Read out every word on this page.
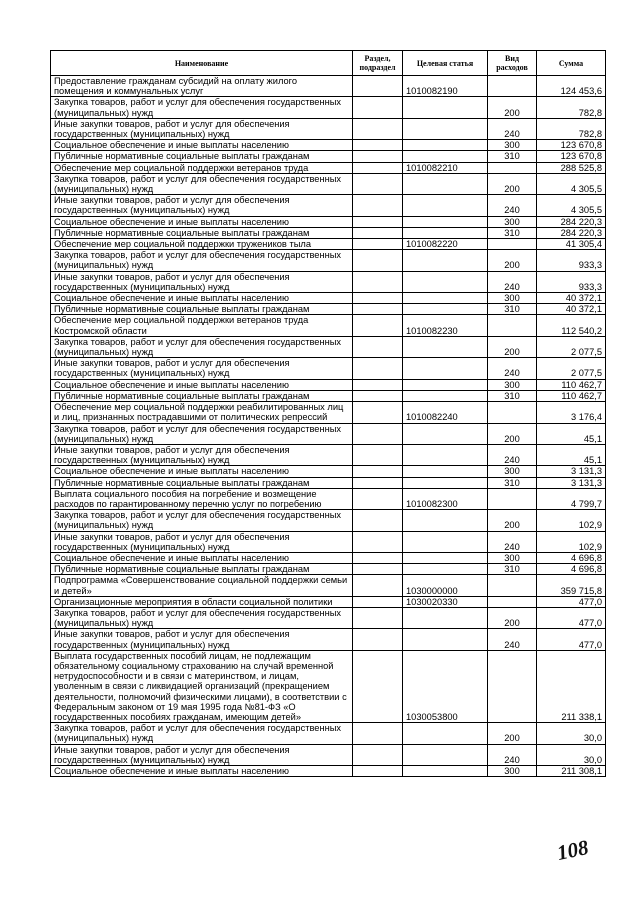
Наименование	Раздел, подраздел	Целевая статья	Вид расходов	Сумма
Предоставление гражданам субсидий на оплату жилого помещения и коммунальных услуг		1010082190		124 453,6
Закупка товаров, работ и услуг для обеспечения государственных (муниципальных) нужд			200	782,8
Иные закупки товаров, работ и услуг для обеспечения государственных (муниципальных) нужд			240	782,8
Социальное обеспечение и иные выплаты населению			300	123 670,8
Публичные нормативные социальные выплаты гражданам			310	123 670,8
Обеспечение мер социальной поддержки ветеранов труда		1010082210		288 525,8
Закупка товаров, работ и услуг для обеспечения государственных (муниципальных) нужд			200	4 305,5
Иные закупки товаров, работ и услуг для обеспечения государственных (муниципальных) нужд			240	4 305,5
Социальное обеспечение и иные выплаты населению			300	284 220,3
Публичные нормативные социальные выплаты гражданам			310	284 220,3
Обеспечение мер социальной поддержки тружеников тыла		1010082220		41 305,4
Закупка товаров, работ и услуг для обеспечения государственных (муниципальных) нужд			200	933,3
Иные закупки товаров, работ и услуг для обеспечения государственных (муниципальных) нужд			240	933,3
Социальное обеспечение и иные выплаты населению			300	40 372,1
Публичные нормативные социальные выплаты гражданам			310	40 372,1
Обеспечение мер социальной поддержки ветеранов труда Костромской области		1010082230		112 540,2
Закупка товаров, работ и услуг для обеспечения государственных (муниципальных) нужд			200	2 077,5
Иные закупки товаров, работ и услуг для обеспечения государственных (муниципальных) нужд			240	2 077,5
Социальное обеспечение и иные выплаты населению			300	110 462,7
Публичные нормативные социальные выплаты гражданам			310	110 462,7
Обеспечение мер социальной поддержки реабилитированных лиц и лиц, признанных пострадавшими от политических репрессий		1010082240		3 176,4
Закупка товаров, работ и услуг для обеспечения государственных (муниципальных) нужд			200	45,1
Иные закупки товаров, работ и услуг для обеспечения государственных (муниципальных) нужд			240	45,1
Социальное обеспечение и иные выплаты населению			300	3 131,3
Публичные нормативные социальные выплаты гражданам			310	3 131,3
Выплата социального пособия на погребение и возмещение расходов по гарантированному перечню услуг по погребению		1010082300		4 799,7
Закупка товаров, работ и услуг для обеспечения государственных (муниципальных) нужд			200	102,9
Иные закупки товаров, работ и услуг для обеспечения государственных (муниципальных) нужд			240	102,9
Социальное обеспечение и иные выплаты населению			300	4 696,8
Публичные нормативные социальные выплаты гражданам			310	4 696,8
Подпрограмма «Совершенствование социальной поддержки семьи и детей»		1030000000		359 715,8
Организационные мероприятия в области социальной политики		1030020330		477,0
Закупка товаров, работ и услуг для обеспечения государственных (муниципальных) нужд			200	477,0
Иные закупки товаров, работ и услуг для обеспечения государственных (муниципальных) нужд			240	477,0
Выплата государственных пособий лицам, не подлежащим обязательному социальному страхованию на случай временной нетрудоспособности и в связи с материнством, и лицам, уволенным в связи с ликвидацией организаций (прекращением деятельности, полномочий физическими лицами), в соответствии с Федеральным законом от 19 мая 1995 года №81-ФЗ «О государственных пособиях гражданам, имеющим детей»		1030053800		211 338,1
Закупка товаров, работ и услуг для обеспечения государственных (муниципальных) нужд			200	30,0
Иные закупки товаров, работ и услуг для обеспечения государственных (муниципальных) нужд			240	30,0
Социальное обеспечение и иные выплаты населению			300	211 308,1
108
